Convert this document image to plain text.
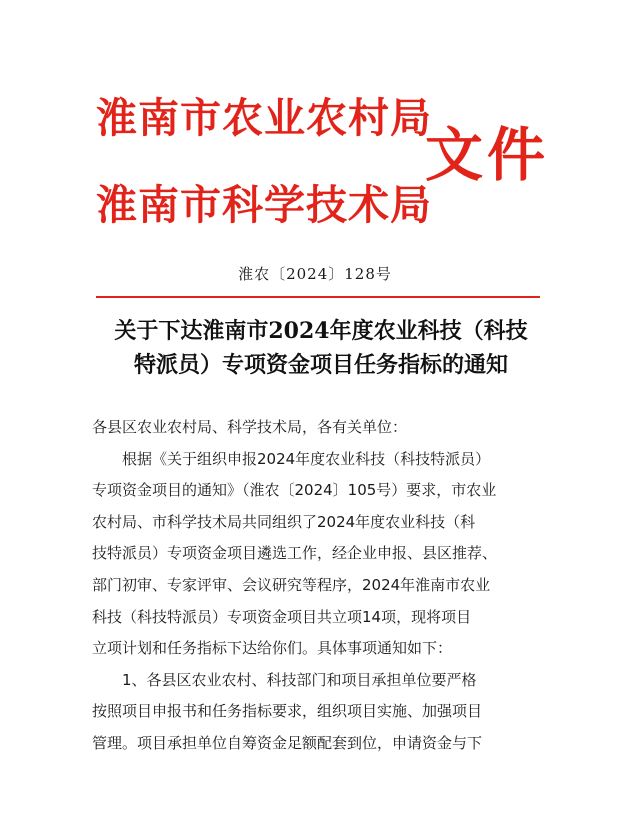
淮南市农业农村局
淮南市科学技术局
文件
淮农〔2024〕128号
关于下达淮南市2024年度农业科技（科技
特派员）专项资金项目任务指标的通知
各县区农业农村局、科学技术局，各有关单位：
根据《关于组织申报2024年度农业科技（科技特派员）
专项资金项目的通知》（淮农〔2024〕105号）要求，市农业
农村局、市科学技术局共同组织了2024年度农业科技（科
技特派员）专项资金项目遴选工作，经企业申报、县区推荐、
部门初审、专家评审、会议研究等程序，2024年淮南市农业
科技（科技特派员）专项资金项目共立项14项，现将项目
立项计划和任务指标下达给你们。具体事项通知如下：
1、各县区农业农村、科技部门和项目承担单位要严格
按照项目申报书和任务指标要求，组织项目实施、加强项目
管理。项目承担单位自筹资金足额配套到位，申请资金与下
